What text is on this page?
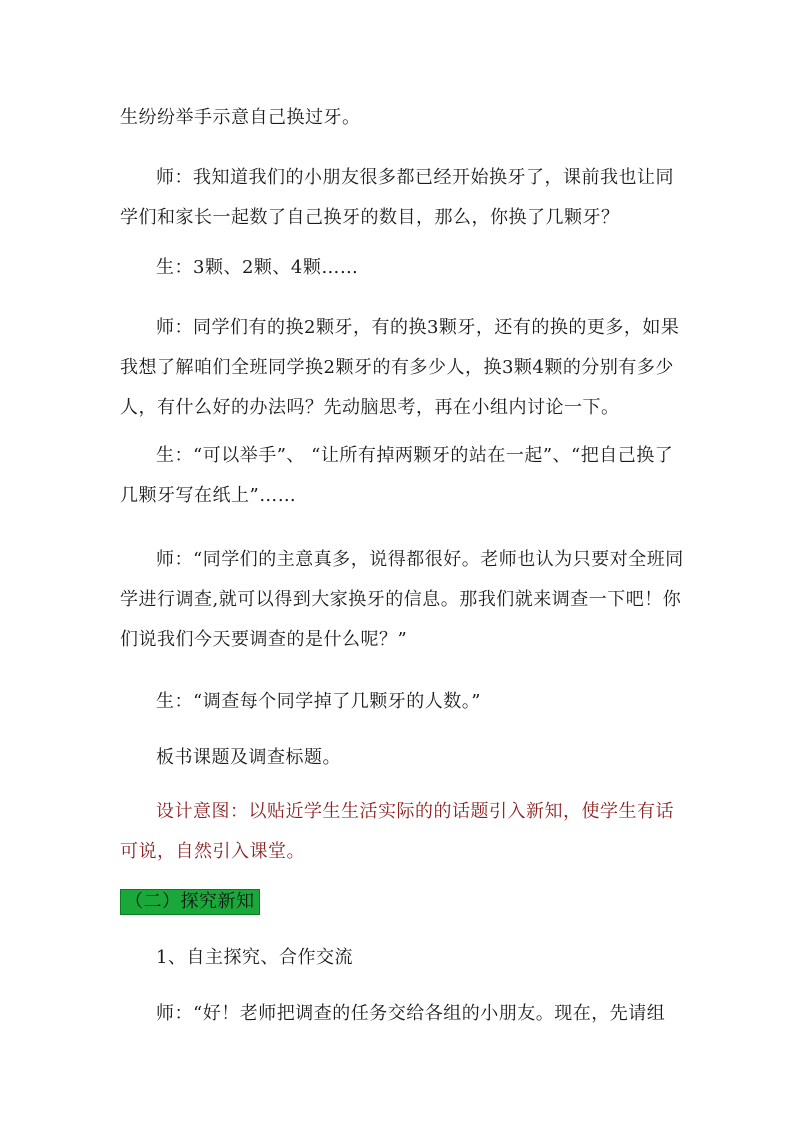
生纷纷举手示意自己换过牙。

师：我知道我们的小朋友很多都已经开始换牙了，课前我也让同学们和家长一起数了自己换牙的数目，那么，你换了几颗牙？

生：3颗、2颗、4颗……

师：同学们有的换2颗牙，有的换3颗牙，还有的换的更多，如果我想了解咱们全班同学换2颗牙的有多少人，换3颗4颗的分别有多少人，有什么好的办法吗？先动脑思考，再在小组内讨论一下。

生：“可以举手”、 “让所有掉两颗牙的站在一起”、“把自己换了几颗牙写在纸上”……

师：“同学们的主意真多，说得都很好。老师也认为只要对全班同学进行调查,就可以得到大家换牙的信息。那我们就来调查一下吧！你们说我们今天要调查的是什么呢？”

生：“调查每个同学掉了几颗牙的人数。”

板书课题及调查标题。

设计意图：以贴近学生生活实际的的话题引入新知，使学生有话可说，自然引入课堂。

（二）探究新知

1、自主探究、合作交流

师：“好！老师把调查的任务交给各组的小朋友。现在，先请组
